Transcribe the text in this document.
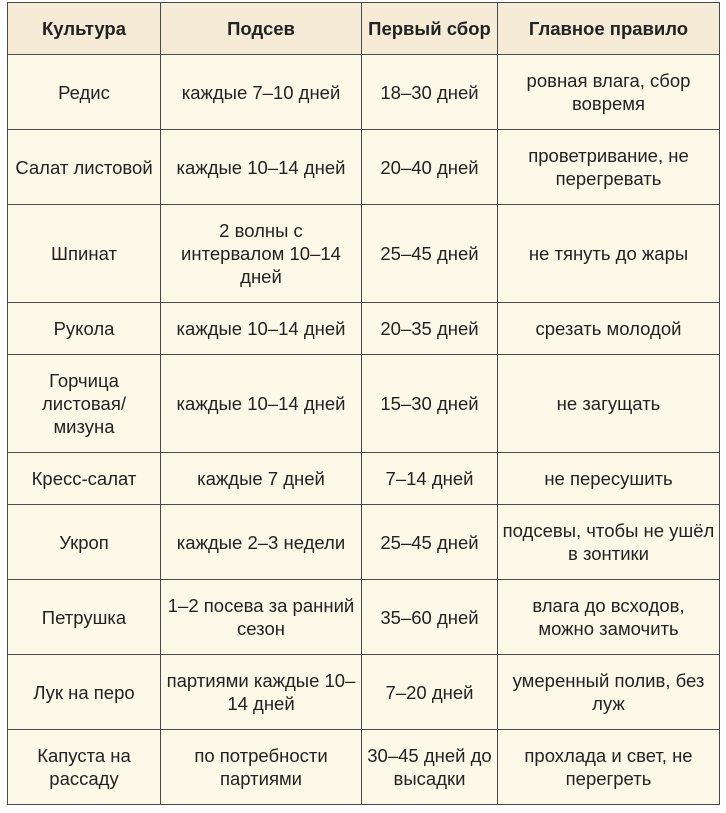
Культура	Подсев	Первый сбор	Главное правило
Редис	каждые 7–10 дней	18–30 дней	ровная влага, сбор вовремя
Салат листовой	каждые 10–14 дней	20–40 дней	проветривание, не перегревать
Шпинат	2 волны с интервалом 10–14 дней	25–45 дней	не тянуть до жары
Рукола	каждые 10–14 дней	20–35 дней	срезать молодой
Горчица листовая/ мизуна	каждые 10–14 дней	15–30 дней	не загущать
Кресс-салат	каждые 7 дней	7–14 дней	не пересушить
Укроп	каждые 2–3 недели	25–45 дней	подсевы, чтобы не ушёл в зонтики
Петрушка	1–2 посева за ранний сезон	35–60 дней	влага до всходов, можно замочить
Лук на перо	партиями каждые 10–14 дней	7–20 дней	умеренный полив, без луж
Капуста на рассаду	по потребности партиями	30–45 дней до высадки	прохлада и свет, не перегреть
